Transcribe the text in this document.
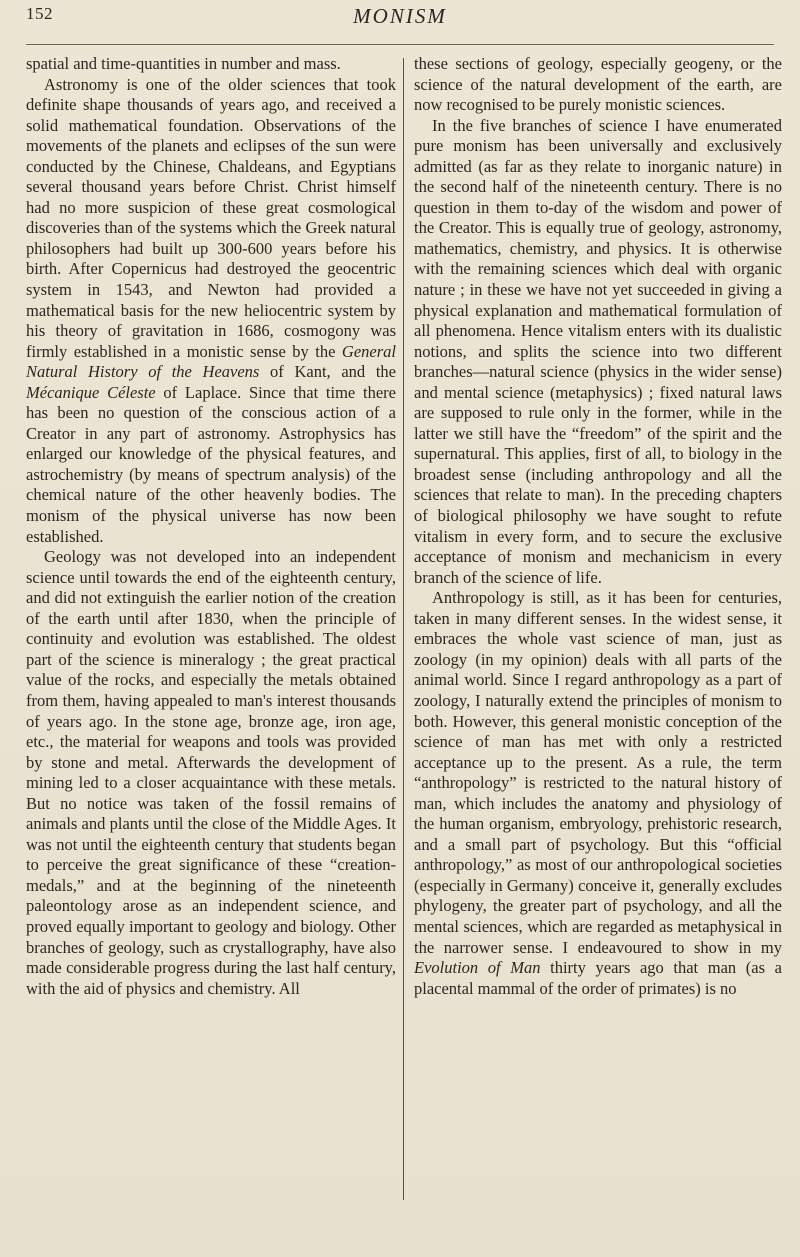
152	MONISM

spatial and time-quantities in number and mass.

Astronomy is one of the older sciences that took definite shape thousands of years ago, and received a solid mathematical foundation. Observations of the movements of the planets and eclipses of the sun were conducted by the Chinese, Chaldeans, and Egyptians several thousand years before Christ. Christ himself had no more suspicion of these great cosmological discoveries than of the systems which the Greek natural philosophers had built up 300-600 years before his birth. After Copernicus had destroyed the geocentric system in 1543, and Newton had provided a mathematical basis for the new heliocentric system by his theory of gravitation in 1686, cosmogony was firmly established in a monistic sense by the General Natural History of the Heavens of Kant, and the Mécanique Céleste of Laplace. Since that time there has been no question of the conscious action of a Creator in any part of astronomy. Astrophysics has enlarged our knowledge of the physical features, and astrochemistry (by means of spectrum analysis) of the chemical nature of the other heavenly bodies. The monism of the physical universe has now been established.

Geology was not developed into an independent science until towards the end of the eighteenth century, and did not extinguish the earlier notion of the creation of the earth until after 1830, when the principle of continuity and evolution was established. The oldest part of the science is mineralogy ; the great practical value of the rocks, and especially the metals obtained from them, having appealed to man's interest thousands of years ago. In the stone age, bronze age, iron age, etc., the material for weapons and tools was provided by stone and metal. Afterwards the development of mining led to a closer acquaintance with these metals. But no notice was taken of the fossil remains of animals and plants until the close of the Middle Ages. It was not until the eighteenth century that students began to perceive the great significance of these “creation-medals,” and at the beginning of the nineteenth paleontology arose as an independent science, and proved equally important to geology and biology. Other branches of geology, such as crystallography, have also made considerable progress during the last half century, with the aid of physics and chemistry. All

these sections of geology, especially geogeny, or the science of the natural development of the earth, are now recognised to be purely monistic sciences.

In the five branches of science I have enumerated pure monism has been universally and exclusively admitted (as far as they relate to inorganic nature) in the second half of the nineteenth century. There is no question in them to-day of the wisdom and power of the Creator. This is equally true of geology, astronomy, mathematics, chemistry, and physics. It is otherwise with the remaining sciences which deal with organic nature ; in these we have not yet succeeded in giving a physical explanation and mathematical formulation of all phenomena. Hence vitalism enters with its dualistic notions, and splits the science into two different branches—natural science (physics in the wider sense) and mental science (metaphysics) ; fixed natural laws are supposed to rule only in the former, while in the latter we still have the “freedom” of the spirit and the supernatural. This applies, first of all, to biology in the broadest sense (including anthropology and all the sciences that relate to man). In the preceding chapters of biological philosophy we have sought to refute vitalism in every form, and to secure the exclusive acceptance of monism and mechanicism in every branch of the science of life.

Anthropology is still, as it has been for centuries, taken in many different senses. In the widest sense, it embraces the whole vast science of man, just as zoology (in my opinion) deals with all parts of the animal world. Since I regard anthropology as a part of zoology, I naturally extend the principles of monism to both. However, this general monistic conception of the science of man has met with only a restricted acceptance up to the present. As a rule, the term “anthropology” is restricted to the natural history of man, which includes the anatomy and physiology of the human organism, embryology, prehistoric research, and a small part of psychology. But this “official anthropology,” as most of our anthropological societies (especially in Germany) conceive it, generally excludes phylogeny, the greater part of psychology, and all the mental sciences, which are regarded as metaphysical in the narrower sense. I endeavoured to show in my Evolution of Man thirty years ago that man (as a placental mammal of the order of primates) is no
